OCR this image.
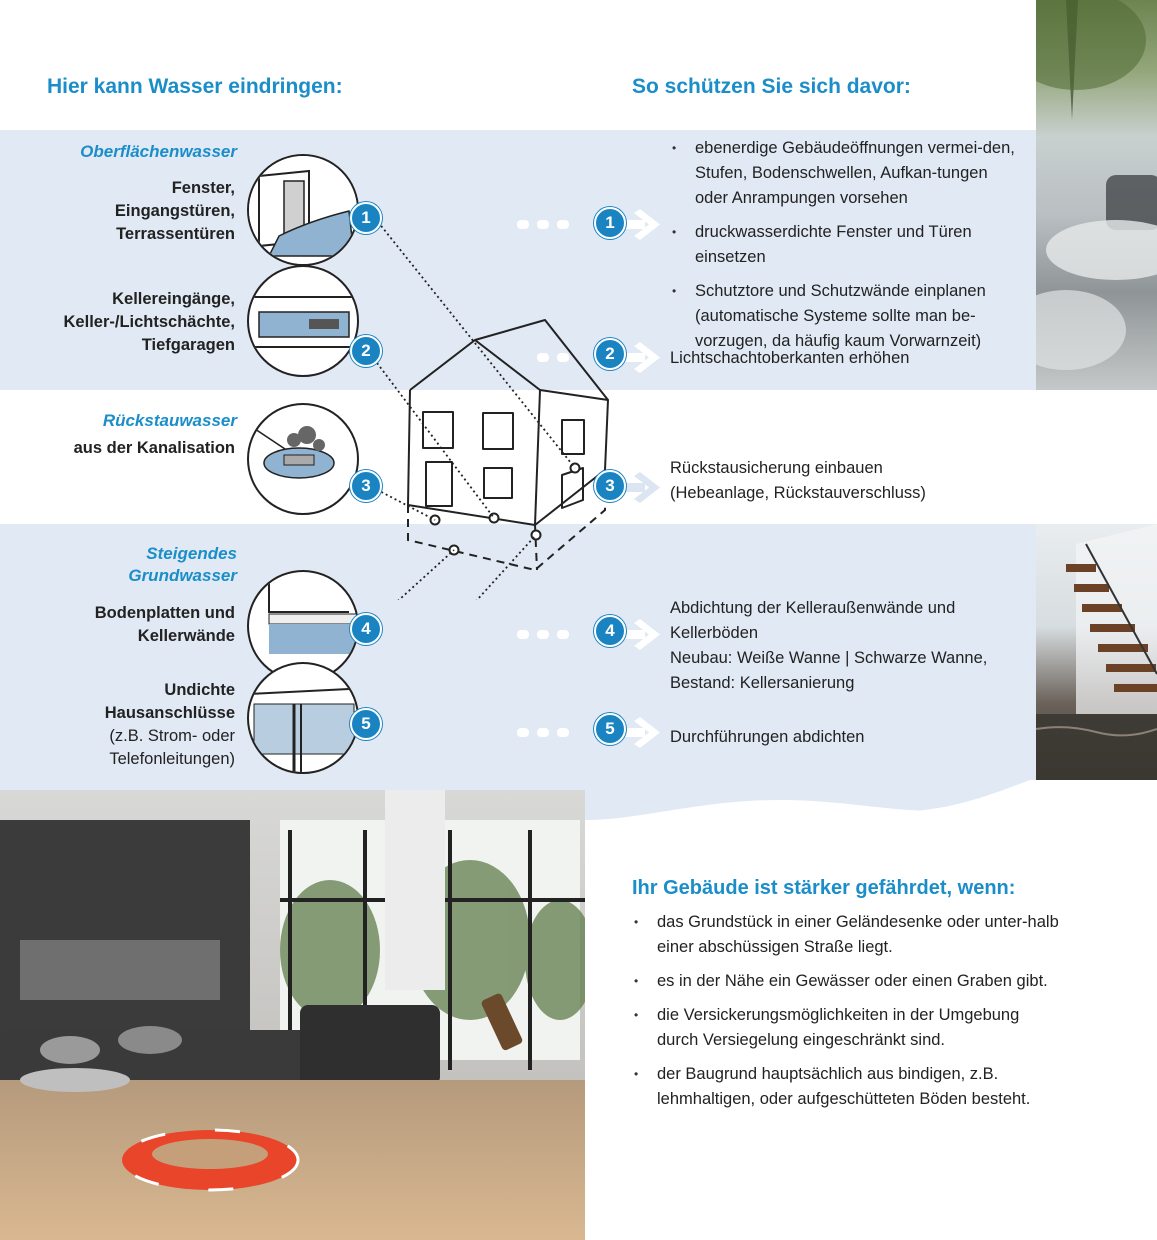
Hier kann Wasser eindringen:	So schützen Sie sich davor:
Oberflächenwasser
Rückstauwasser
Steigendes
Grundwasser
Fenster,
Eingangstüren,
Terrassentüren
Kellereingänge,
Keller-/Lichtschächte,
Tiefgaragen
aus der Kanalisation
Bodenplatten und
Kellerwände
Undichte
Hausanschlüsse
(z.B. Strom- oder
Telefonleitungen)
1
2
3
4
5
1
2
3
4
5
• ebenerdige Gebäudeöffnungen vermei-den, Stufen, Bodenschwellen, Aufkan-tungen oder Anrampungen vorsehen
• druckwasserdichte Fenster und Türen einsetzen
• Schutztore und Schutzwände einplanen (automatische Systeme sollte man be-vorzugen, da häufig kaum Vorwarnzeit)
Lichtschachtoberkanten erhöhen
Rückstausicherung einbauen
(Hebeanlage, Rückstauverschluss)
Abdichtung der Kelleraußenwände und
Kellerböden
Neubau: Weiße Wanne | Schwarze Wanne,
Bestand: Kellersanierung
Durchführungen abdichten
Ihr Gebäude ist stärker gefährdet, wenn:
• das Grundstück in einer Geländesenke oder unter-halb einer abschüssigen Straße liegt.
• es in der Nähe ein Gewässer oder einen Graben gibt.
• die Versickerungsmöglichkeiten in der Umgebung durch Versiegelung eingeschränkt sind.
• der Baugrund hauptsächlich aus bindigen, z.B. lehmhaltigen, oder aufgeschütteten Böden besteht.
